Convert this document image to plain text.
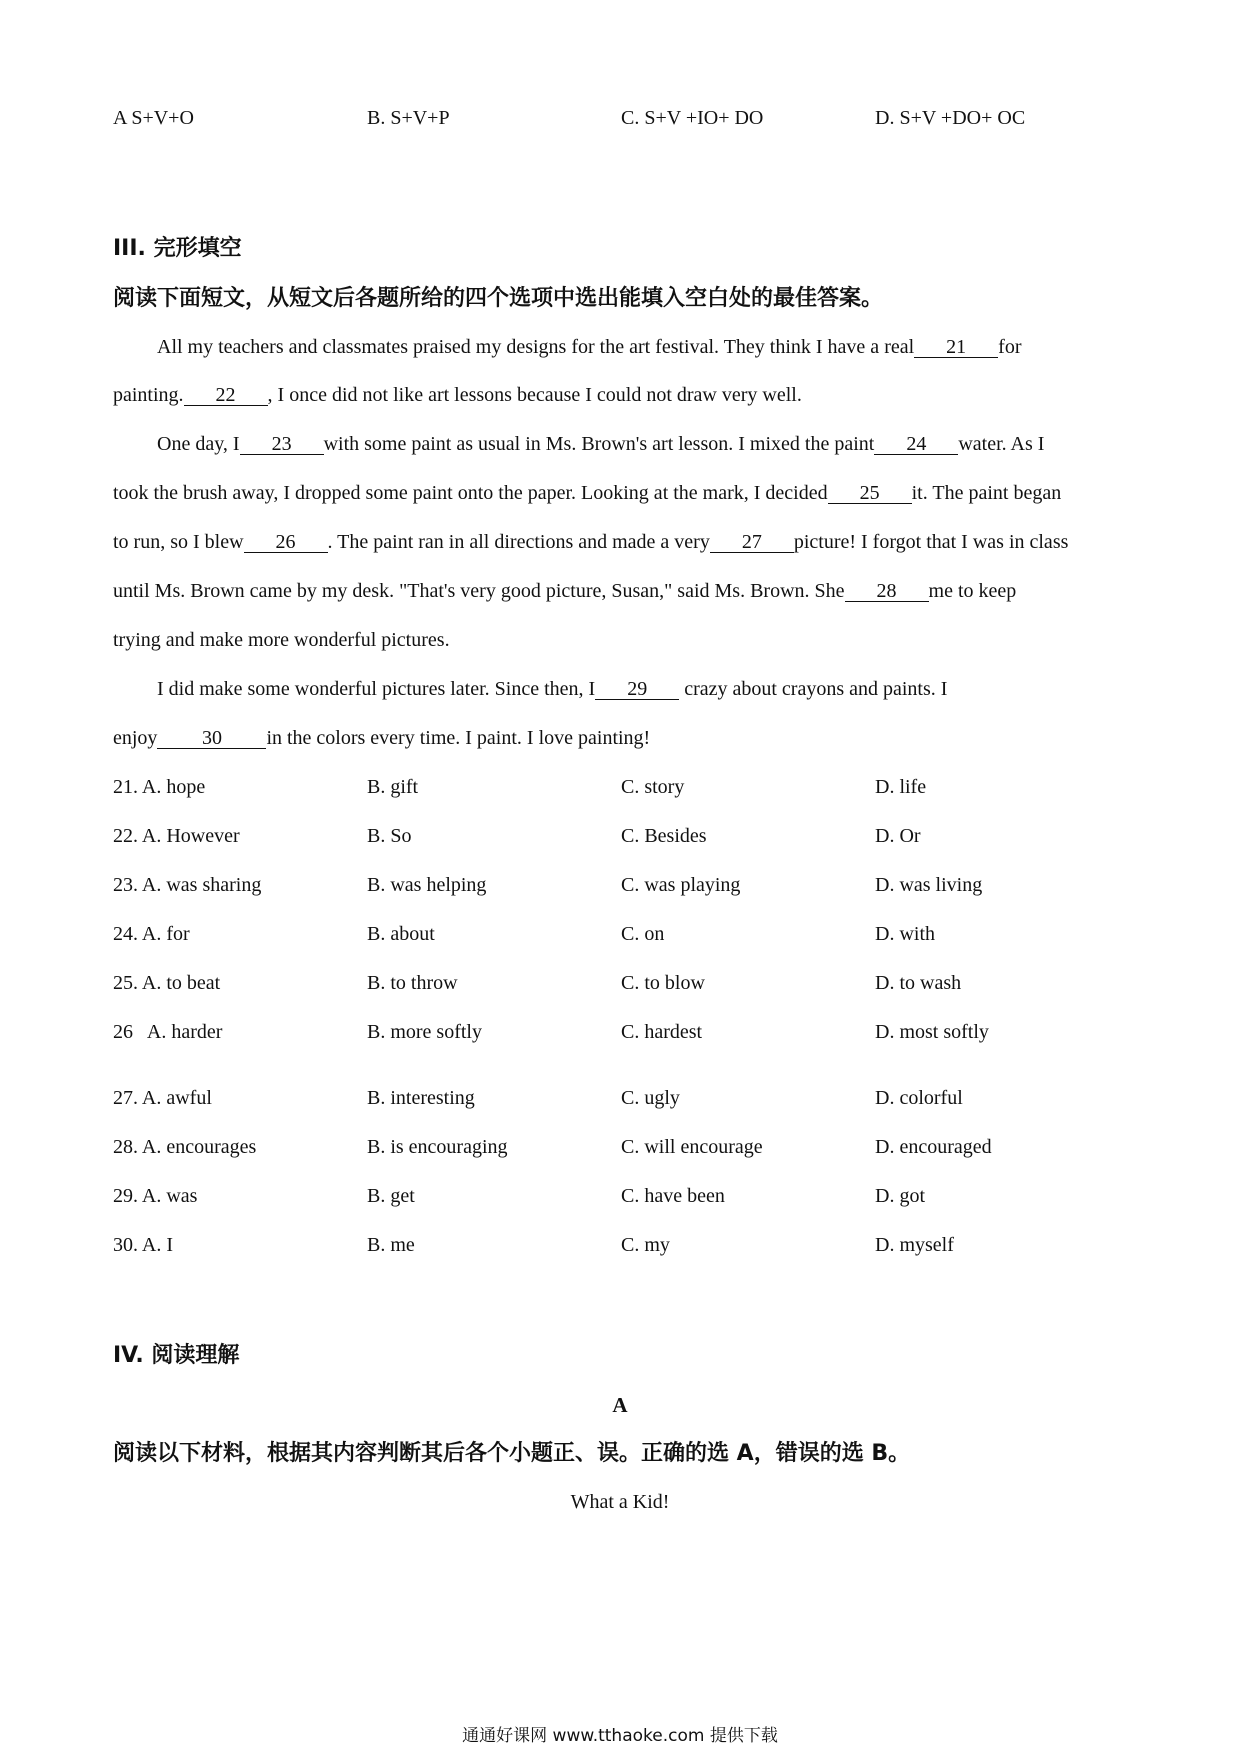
A S+V+O	B. S+V+P	C. S+V +IO+ DO	D. S+V +DO+ OC
III. 完形填空
阅读下面短文，从短文后各题所给的四个选项中选出能填入空白处的最佳答案。
All my teachers and classmates praised my designs for the art festival. They think I have a real 21 for
painting. 22 , I once did not like art lessons because I could not draw very well.
One day, I 23 with some paint as usual in Ms. Brown's art lesson. I mixed the paint 24 water. As I
took the brush away, I dropped some paint onto the paper. Looking at the mark, I decided 25 it. The paint began
to run, so I blew 26 . The paint ran in all directions and made a very 27 picture! I forgot that I was in class
until Ms. Brown came by my desk. "That's very good picture, Susan," said Ms. Brown. She 28 me to keep
trying and make more wonderful pictures.
I did make some wonderful pictures later. Since then, I 29 crazy about crayons and paints. I
enjoy 30 in the colors every time. I paint. I love painting!
21. A. hope	B. gift	C. story	D. life
22. A. However	B. So	C. Besides	D. Or
23. A. was sharing	B. was helping	C. was playing	D. was living
24. A. for	B. about	C. on	D. with
25. A. to beat	B. to throw	C. to blow	D. to wash
26   A. harder	B. more softly	C. hardest	D. most softly
27. A. awful	B. interesting	C. ugly	D. colorful
28. A. encourages	B. is encouraging	C. will encourage	D. encouraged
29. A. was	B. get	C. have been	D. got
30. A. I	B. me	C. my	D. myself
IV. 阅读理解
A
阅读以下材料，根据其内容判断其后各个小题正、误。正确的选 A，错误的选 B。
What a Kid!
通通好课网 www.tthaoke.com 提供下载
